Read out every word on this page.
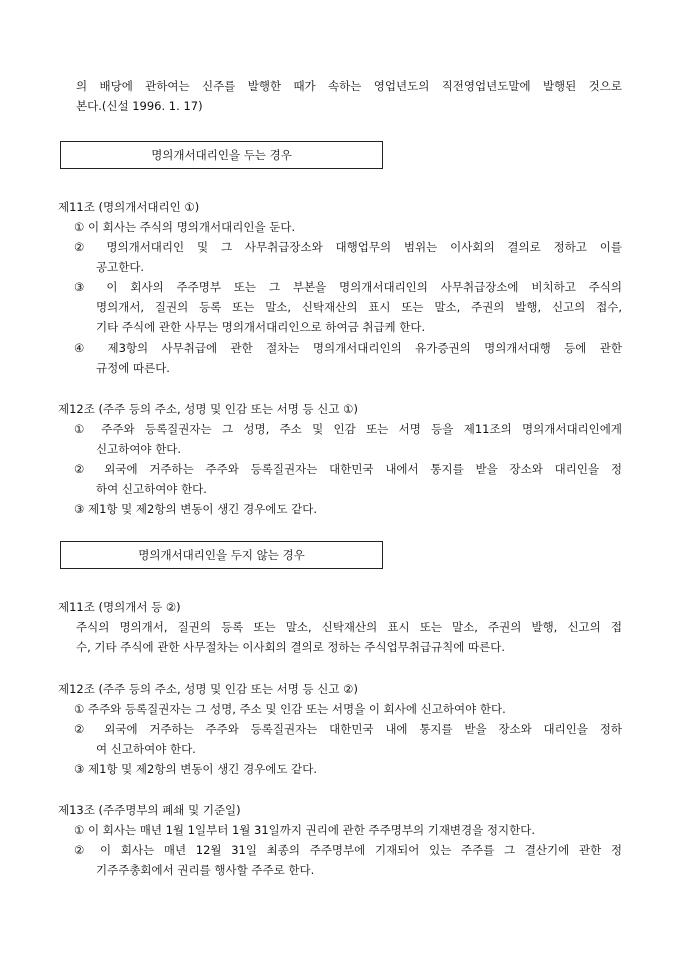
의 배당에 관하여는 신주를 발행한 때가 속하는 영업년도의 직전영업년도말에 발행된 것으로

본다.(신설 1996. 1. 17)

명의개서대리인을 두는 경우

제11조 (명의개서대리인 ①)

① 이 회사는 주식의 명의개서대리인을 둔다.

② 명의개서대리인 및 그 사무취급장소와 대행업무의 범위는 이사회의 결의로 정하고 이를

공고한다.

③ 이 회사의 주주명부 또는 그 부본을 명의개서대리인의 사무취급장소에 비치하고 주식의

명의개서, 질권의 등록 또는 말소, 신탁재산의 표시 또는 말소, 주권의 발행, 신고의 접수,

기타 주식에 관한 사무는 명의개서대리인으로 하여금 취급케 한다.

④ 제3항의 사무취급에 관한 절차는 명의개서대리인의 유가증권의 명의개서대행 등에 관한

규정에 따른다.

제12조 (주주 등의 주소, 성명 및 인감 또는 서명 등 신고 ①)

① 주주와 등록질권자는 그 성명, 주소 및 인감 또는 서명 등을 제11조의 명의개서대리인에게

신고하여야 한다.

② 외국에 거주하는 주주와 등록질권자는 대한민국 내에서 통지를 받을 장소와 대리인을 정

하여 신고하여야 한다.

③ 제1항 및 제2항의 변동이 생긴 경우에도 같다.

명의개서대리인을 두지 않는 경우

제11조 (명의개서 등 ②)

주식의 명의개서, 질권의 등록 또는 말소, 신탁재산의 표시 또는 말소, 주권의 발행, 신고의 접

수, 기타 주식에 관한 사무절차는 이사회의 결의로 정하는 주식업무취급규칙에 따른다.

제12조 (주주 등의 주소, 성명 및 인감 또는 서명 등 신고 ②)

① 주주와 등록질권자는 그 성명, 주소 및 인감 또는 서명을 이 회사에 신고하여야 한다.

② 외국에 거주하는 주주와 등록질권자는 대한민국 내에 통지를 받을 장소와 대리인을 정하

여 신고하여야 한다.

③ 제1항 및 제2항의 변동이 생긴 경우에도 같다.

제13조 (주주명부의 폐쇄 및 기준일)

① 이 회사는 매년 1월 1일부터 1월 31일까지 권리에 관한 주주명부의 기재변경을 정지한다.

② 이 회사는 매년 12월 31일 최종의 주주명부에 기재되어 있는 주주를 그 결산기에 관한 정

기주주총회에서 권리를 행사할 주주로 한다.
